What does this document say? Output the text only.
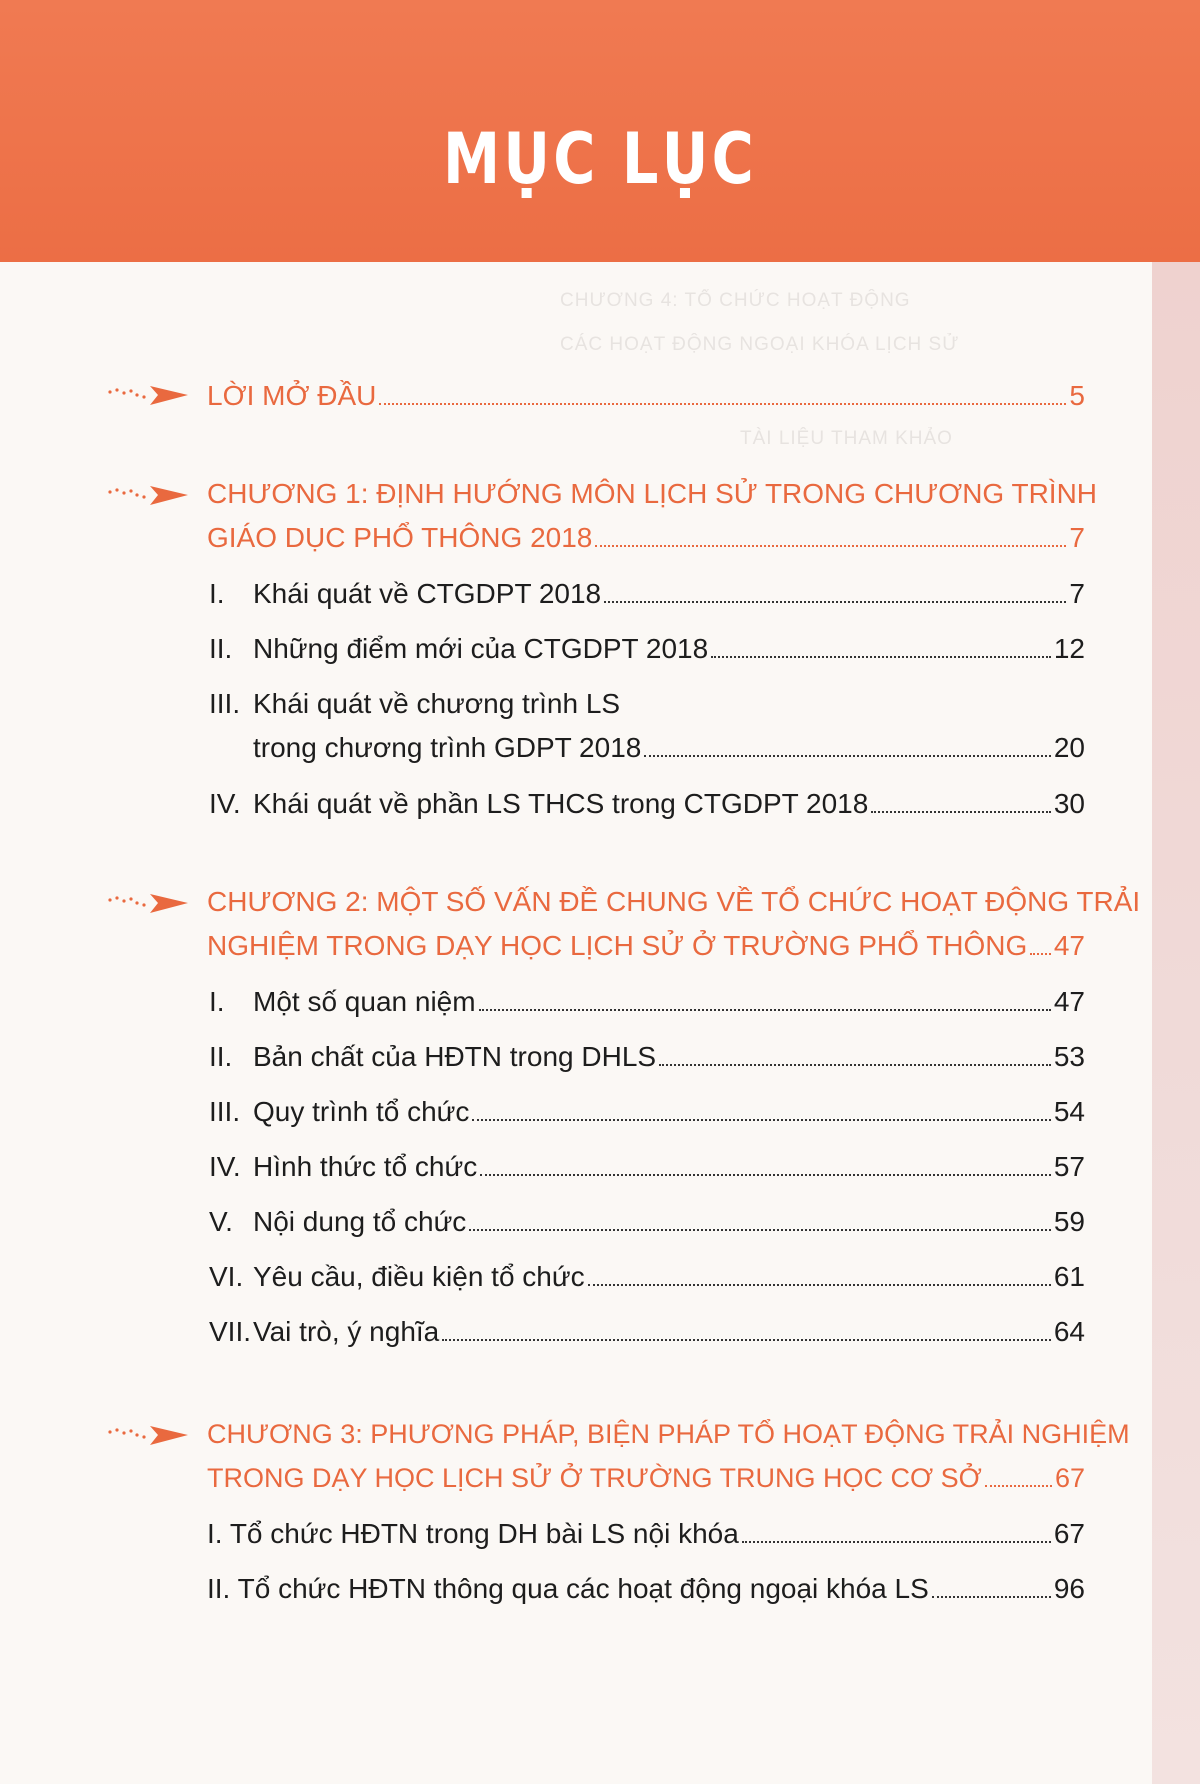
MỤC LỤC
CHƯƠNG 4: TỔ CHỨC HOẠT ĐỘNG
CÁC HOẠT ĐỘNG NGOẠI KHÓA LỊCH SỬ
TÀI LIỆU THAM KHẢO
LỜI MỞ ĐẦU	5
CHƯƠNG 1: ĐỊNH HƯỚNG MÔN LỊCH SỬ TRONG CHƯƠNG TRÌNH
GIÁO DỤC PHỔ THÔNG 2018	7
I.	Khái quát về CTGDPT 2018	7
II. Những điểm mới của CTGDPT 2018	12
III. Khái quát về chương trình LS
trong chương trình GDPT 2018	20
IV. Khái quát về phần LS THCS trong CTGDPT 2018	30
CHƯƠNG 2: MỘT SỐ VẤN ĐỀ CHUNG VỀ TỔ CHỨC HOẠT ĐỘNG TRẢI
NGHIỆM TRONG DẠY HỌC LỊCH SỬ Ở TRƯỜNG PHỔ THÔNG 47
I.	Một số quan niệm	47
II. Bản chất của HĐTN trong DHLS	53
III. Quy trình tổ chức	54
IV. Hình thức tổ chức	57
V. Nội dung tổ chức	59
VI. Yêu cầu, điều kiện tổ chức	61
VII. Vai trò, ý nghĩa	64
CHƯƠNG 3: PHƯƠNG PHÁP, BIỆN PHÁP TỔ HOẠT ĐỘNG TRẢI NGHIỆM
TRONG DẠY HỌC LỊCH SỬ Ở TRƯỜNG TRUNG HỌC CƠ SỞ	67
I. Tổ chức HĐTN trong DH bài LS nội khóa	67
II. Tổ chức HĐTN thông qua các hoạt động ngoại khóa LS	96
